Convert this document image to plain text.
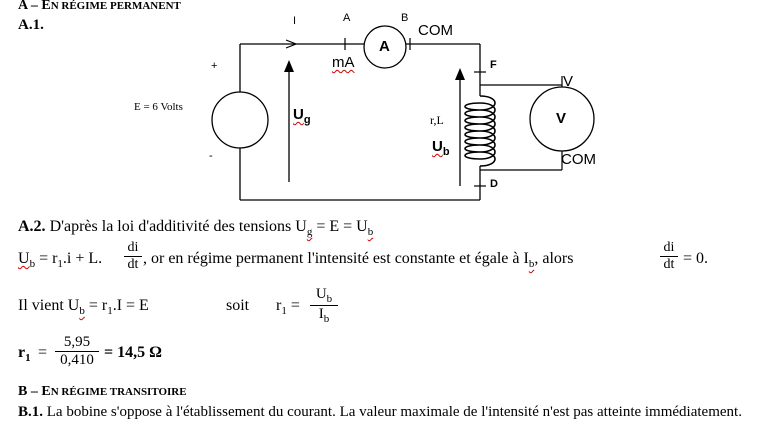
A – EN RÉGIME PERMANENT
A.1.	I	A	B
COM
A
mA
+
E = 6 Volts
-
$U_g$
F
r,L
$U_b$
D
V
V
COM
A.2. D'après la loi d'additivité des tensions $U_g = E = U_b$
$U_b = r_1.i + L$. $\frac{di}{dt}$ , or en régime permanent l'intensité est constante et égale à $I_b$, alors	$\frac{di}{dt} = 0$.
Il vient $U_b = r_1.I = E$	soit $r_1 = \frac{U_b}{I_b}$
$r_1 = \frac{5,95}{0,410} = 14,5$ Ω
B – EN RÉGIME TRANSITOIRE
B.1. La bobine s'oppose à l'établissement du courant. La valeur maximale de l'intensité n'est pas atteinte immédiatement.
